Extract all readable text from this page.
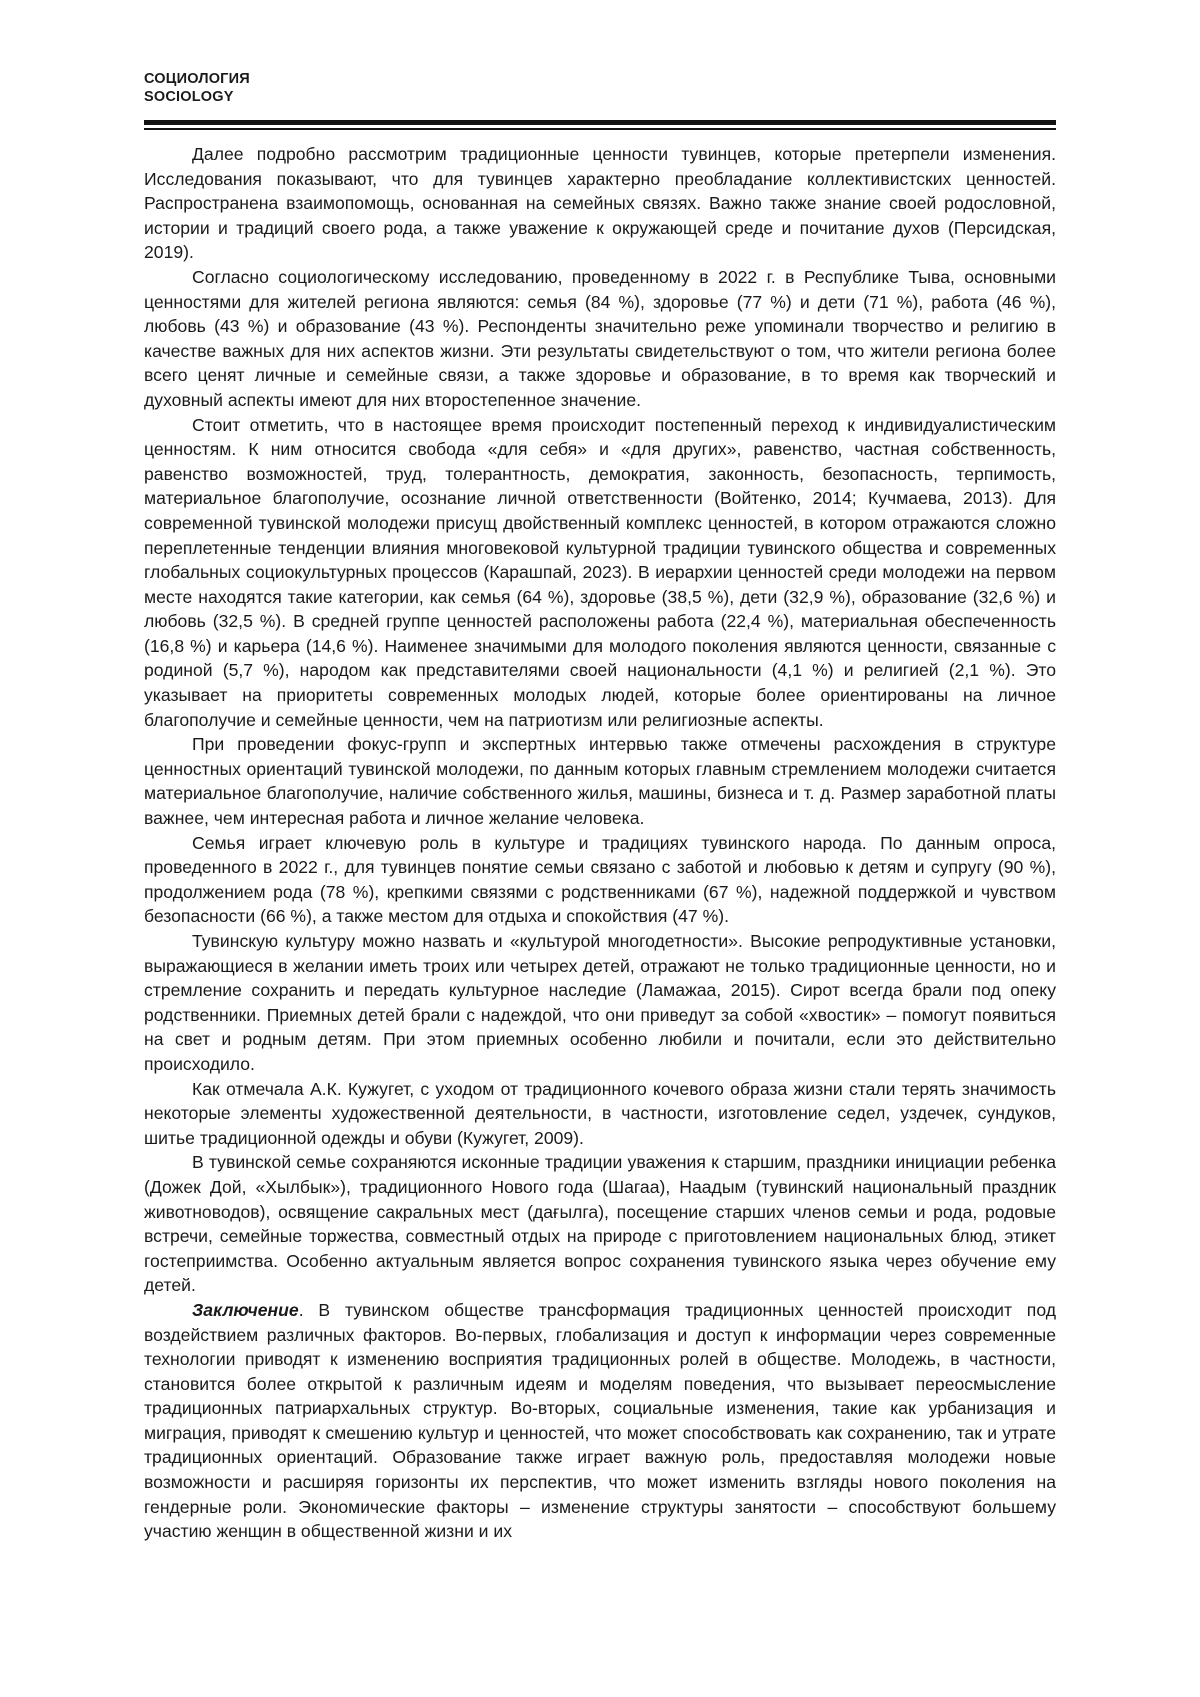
СОЦИОЛОГИЯ
SOCIOLOGY

Далее подробно рассмотрим традиционные ценности тувинцев, которые претерпели изменения. Исследования показывают, что для тувинцев характерно преобладание коллективистских ценностей. Распространена взаимопомощь, основанная на семейных связях. Важно также знание своей родословной, истории и традиций своего рода, а также уважение к окружающей среде и почитание духов (Персидская, 2019).

Согласно социологическому исследованию, проведенному в 2022 г. в Республике Тыва, основными ценностями для жителей региона являются: семья (84 %), здоровье (77 %) и дети (71 %), работа (46 %), любовь (43 %) и образование (43 %). Респонденты значительно реже упоминали творчество и религию в качестве важных для них аспектов жизни. Эти результаты свидетельствуют о том, что жители региона более всего ценят личные и семейные связи, а также здоровье и образование, в то время как творческий и духовный аспекты имеют для них второстепенное значение.

Стоит отметить, что в настоящее время происходит постепенный переход к индивидуалистическим ценностям. К ним относится свобода «для себя» и «для других», равенство, частная собственность, равенство возможностей, труд, толерантность, демократия, законность, безопасность, терпимость, материальное благополучие, осознание личной ответственности (Войтенко, 2014; Кучмаева, 2013). Для современной тувинской молодежи присущ двойственный комплекс ценностей, в котором отражаются сложно переплетенные тенденции влияния многовековой культурной традиции тувинского общества и современных глобальных социокультурных процессов (Карашпай, 2023). В иерархии ценностей среди молодежи на первом месте находятся такие категории, как семья (64 %), здоровье (38,5 %), дети (32,9 %), образование (32,6 %) и любовь (32,5 %). В средней группе ценностей расположены работа (22,4 %), материальная обеспеченность (16,8 %) и карьера (14,6 %). Наименее значимыми для молодого поколения являются ценности, связанные с родиной (5,7 %), народом как представителями своей национальности (4,1 %) и религией (2,1 %). Это указывает на приоритеты современных молодых людей, которые более ориентированы на личное благополучие и семейные ценности, чем на патриотизм или религиозные аспекты.

При проведении фокус-групп и экспертных интервью также отмечены расхождения в структуре ценностных ориентаций тувинской молодежи, по данным которых главным стремлением молодежи считается материальное благополучие, наличие собственного жилья, машины, бизнеса и т. д. Размер заработной платы важнее, чем интересная работа и личное желание человека.

Семья играет ключевую роль в культуре и традициях тувинского народа. По данным опроса, проведенного в 2022 г., для тувинцев понятие семьи связано с заботой и любовью к детям и супругу (90 %), продолжением рода (78 %), крепкими связями с родственниками (67 %), надежной поддержкой и чувством безопасности (66 %), а также местом для отдыха и спокойствия (47 %).

Тувинскую культуру можно назвать и «культурой многодетности». Высокие репродуктивные установки, выражающиеся в желании иметь троих или четырех детей, отражают не только традиционные ценности, но и стремление сохранить и передать культурное наследие (Ламажаа, 2015). Сирот всегда брали под опеку родственники. Приемных детей брали с надеждой, что они приведут за собой «хвостик» – помогут появиться на свет и родным детям. При этом приемных особенно любили и почитали, если это действительно происходило.

Как отмечала А.К. Кужугет, с уходом от традиционного кочевого образа жизни стали терять значимость некоторые элементы художественной деятельности, в частности, изготовление седел, уздечек, сундуков, шитье традиционной одежды и обуви (Кужугет, 2009).

В тувинской семье сохраняются исконные традиции уважения к старшим, праздники инициации ребенка (Дожек Дой, «Хылбык»), традиционного Нового года (Шагаа), Наадым (тувинский национальный праздник животноводов), освящение сакральных мест (дағылга), посещение старших членов семьи и рода, родовые встречи, семейные торжества, совместный отдых на природе с приготовлением национальных блюд, этикет гостеприимства. Особенно актуальным является вопрос сохранения тувинского языка через обучение ему детей.

Заключение. В тувинском обществе трансформация традиционных ценностей происходит под воздействием различных факторов. Во-первых, глобализация и доступ к информации через современные технологии приводят к изменению восприятия традиционных ролей в обществе. Молодежь, в частности, становится более открытой к различным идеям и моделям поведения, что вызывает переосмысление традиционных патриархальных структур. Во-вторых, социальные изменения, такие как урбанизация и миграция, приводят к смешению культур и ценностей, что может способствовать как сохранению, так и утрате традиционных ориентаций. Образование также играет важную роль, предоставляя молодежи новые возможности и расширяя горизонты их перспектив, что может изменить взгляды нового поколения на гендерные роли. Экономические факторы – изменение структуры занятости – способствуют большему участию женщин в общественной жизни и их
